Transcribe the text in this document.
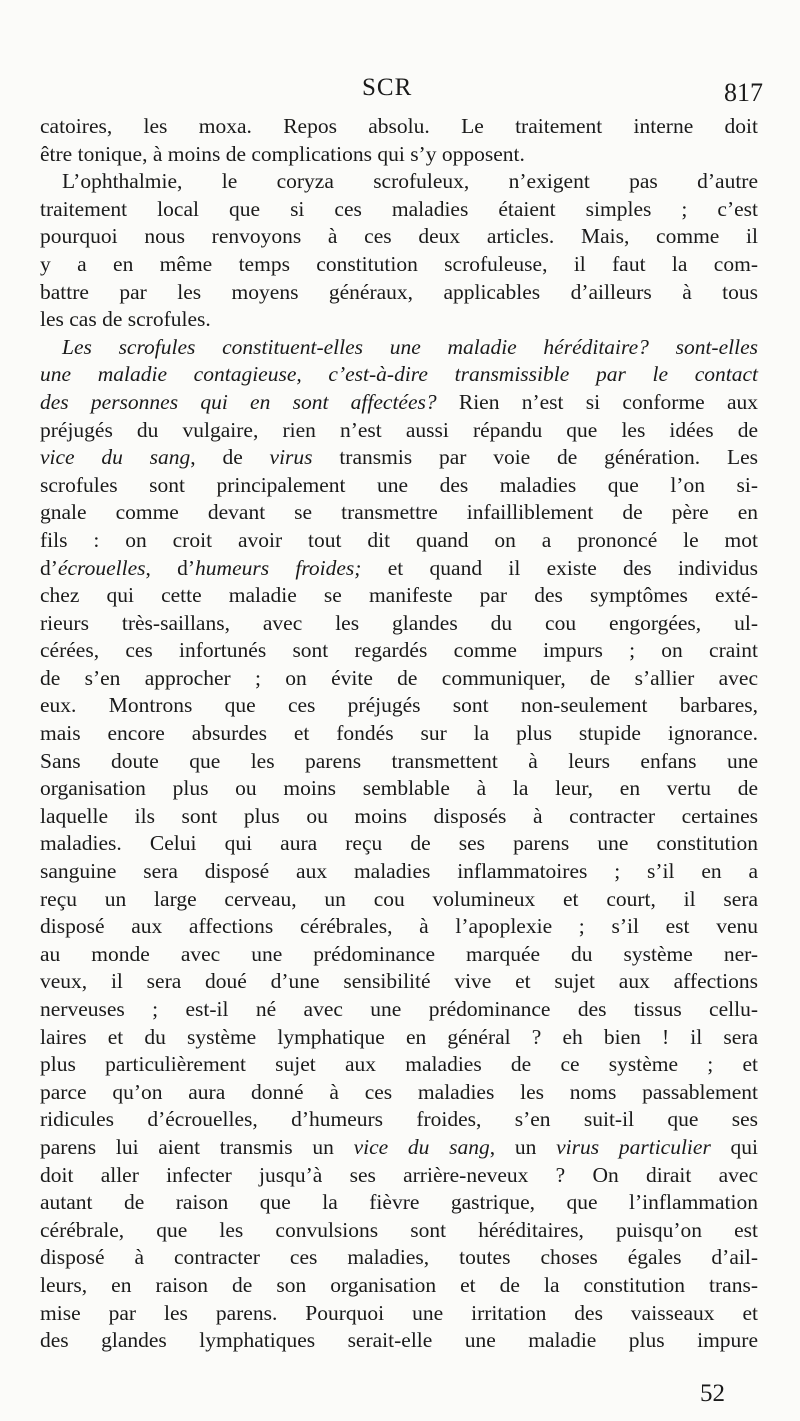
SCR	817
catoires, les moxa. Repos absolu. Le traitement interne doit
être tonique, à moins de complications qui s’y opposent.
L’ophthalmie, le coryza scrofuleux, n’exigent pas d’autre
traitement local que si ces maladies étaient simples ; c’est
pourquoi nous renvoyons à ces deux articles. Mais, comme il
y a en même temps constitution scrofuleuse, il faut la com-
battre par les moyens généraux, applicables d’ailleurs à tous
les cas de scrofules.
Les scrofules constituent-elles une maladie héréditaire? sont-elles
une maladie contagieuse, c’est-à-dire transmissible par le contact
des personnes qui en sont affectées? Rien n’est si conforme aux
préjugés du vulgaire, rien n’est aussi répandu que les idées de
vice du sang, de virus transmis par voie de génération. Les
scrofules sont principalement une des maladies que l’on si-
gnale comme devant se transmettre infailliblement de père en
fils : on croit avoir tout dit quand on a prononcé le mot
d’écrouelles, d’humeurs froides; et quand il existe des individus
chez qui cette maladie se manifeste par des symptômes exté-
rieurs très-saillans, avec les glandes du cou engorgées, ul-
cérées, ces infortunés sont regardés comme impurs ; on craint
de s’en approcher ; on évite de communiquer, de s’allier avec
eux. Montrons que ces préjugés sont non-seulement barbares,
mais encore absurdes et fondés sur la plus stupide ignorance.
Sans doute que les parens transmettent à leurs enfans une
organisation plus ou moins semblable à la leur, en vertu de
laquelle ils sont plus ou moins disposés à contracter certaines
maladies. Celui qui aura reçu de ses parens une constitution
sanguine sera disposé aux maladies inflammatoires ; s’il en a
reçu un large cerveau, un cou volumineux et court, il sera
disposé aux affections cérébrales, à l’apoplexie ; s’il est venu
au monde avec une prédominance marquée du système ner-
veux, il sera doué d’une sensibilité vive et sujet aux affections
nerveuses ; est-il né avec une prédominance des tissus cellu-
laires et du système lymphatique en général ? eh bien ! il sera
plus particulièrement sujet aux maladies de ce système ; et
parce qu’on aura donné à ces maladies les noms passablement
ridicules d’écrouelles, d’humeurs froides, s’en suit-il que ses
parens lui aient transmis un vice du sang, un virus particulier qui
doit aller infecter jusqu’à ses arrière-neveux ? On dirait avec
autant de raison que la fièvre gastrique, que l’inflammation
cérébrale, que les convulsions sont héréditaires, puisqu’on est
disposé à contracter ces maladies, toutes choses égales d’ail-
leurs, en raison de son organisation et de la constitution trans-
mise par les parens. Pourquoi une irritation des vaisseaux et
des glandes lymphatiques serait-elle une maladie plus impure
52
